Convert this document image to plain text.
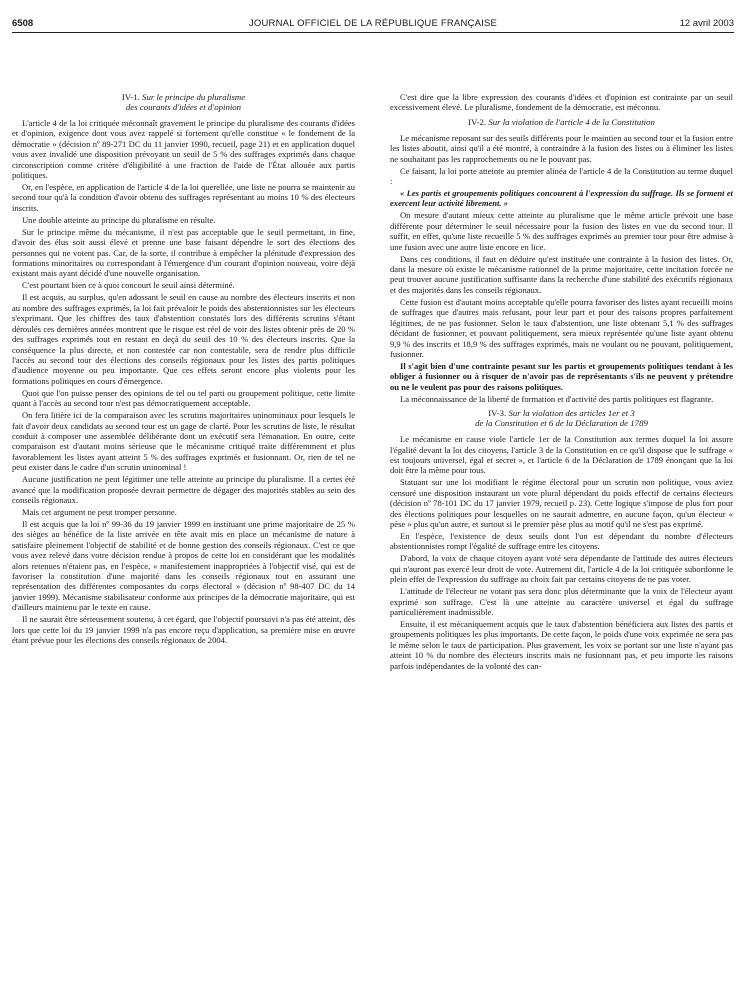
6508	JOURNAL OFFICIEL DE LA RÉPUBLIQUE FRANÇAISE	12 avril 2003
IV-1. Sur le principe du pluralisme
des courants d'idées et d'opinion

L'article 4 de la loi critiquée méconnaît gravement le principe du pluralisme des courants d'idées et d'opinion, exigence dont vous avez rappelé si fortement qu'elle constitue « le fondement de la démocratie » (décision nº 89-271 DC du 11 janvier 1990, recueil, page 21) et en application duquel vous avez invalidé une disposition prévoyant un seuil de 5 % des suffrages exprimés dans chaque circonscription comme critère d'éligibilité à une fraction de l'aide de l'État allouée aux partis politiques.

Or, en l'espèce, en application de l'article 4 de la loi querellée, une liste ne pourra se maintenir au second tour qu'à la condition d'avoir obtenu des suffrages représentant au moins 10 % des électeurs inscrits.

Une double atteinte au principe du pluralisme en résulte.

Sur le principe même du mécanisme, il n'est pas acceptable que le seuil permettant, in fine, d'avoir des élus soit aussi élevé et prenne une base faisant dépendre le sort des élections des personnes qui ne votent pas. Car, de la sorte, il contribue à empêcher la plénitude d'expression des formations minoritaires ou correspondant à l'émergence d'un courant d'opinion nouveau, voire déjà existant mais ayant décidé d'une nouvelle organisation.

C'est pourtant bien ce à quoi concourt le seuil ainsi déterminé.

Il est acquis, au surplus, qu'en adossant le seuil en cause au nombre des électeurs inscrits et non au nombre des suffrages exprimés, la loi fait prévaloir le poids des abstentionnistes sur les électeurs s'exprimant. Que les chiffres des taux d'abstention constatés lors des différents scrutins s'étant déroulés ces dernières années montrent que le risque est réel de voir des listes obtenir près de 20 % des suffrages exprimés tout en restant en deçà du seuil des 10 % des électeurs inscrits. Que la conséquence la plus directe, et non contestée car non contestable, sera de rendre plus difficile l'accès au second tour des élections des conseils régionaux pour les listes des partis politiques d'audience moyenne ou peu importante. Que ces effets seront encore plus violents pour les formations politiques en cours d'émergence.

Quoi que l'on puisse penser des opinions de tel ou tel parti ou groupement politique, cette limite quant à l'accès au second tour n'est pas démocratiquement acceptable.

On fera litière ici de la comparaison avec les scrutins majoritaires uninominaux pour lesquels le fait d'avoir deux candidats au second tour est un gage de clarté. Pour les scrutins de liste, le résultat conduit à composer une assemblée délibérante dont un exécutif sera l'émanation. En outre, cette comparaison est d'autant moins sérieuse que le mécanisme critiqué traite différemment et plus favorablement les listes ayant atteint 5 % des suffrages exprimés et fusionnant. Or, rien de tel ne peut exister dans le cadre d'un scrutin uninominal !

Aucune justification ne peut légitimer une telle atteinte au principe du pluralisme. Il a certes été avancé que la modification proposée devrait permettre de dégager des majorités stables au sein des conseils régionaux.

Mais cet argument ne peut tromper personne.

Il est acquis que la loi nº 99-36 du 19 janvier 1999 en instituant une prime majoritaire de 25 % des sièges au bénéfice de la liste arrivée en tête avait mis en place un mécanisme de nature à satisfaire pleinement l'objectif de stabilité et de bonne gestion des conseils régionaux. C'est ce que vous avez relevé dans votre décision rendue à propos de cette loi en considérant que les modalités alors retenues n'étaient pas, en l'espèce, « manifestement inappropriées à l'objectif visé, qui est de favoriser la constitution d'une majorité dans les conseils régionaux tout en assurant une représentation des différentes composantes du corps électoral » (décision nº 98-407 DC du 14 janvier 1999). Mécanisme stabilisateur conforme aux principes de la démocratie majoritaire, qui est d'ailleurs maintenu par le texte en cause.

Il ne saurait être sérieusement soutenu, à cet égard, que l'objectif poursuivi n'a pas été atteint, dès lors que cette loi du 19 janvier 1999 n'a pas encore reçu d'application, sa première mise en œuvre étant prévue pour les élections des conseils régionaux de 2004.

C'est dire que la libre expression des courants d'idées et d'opinion est contrainte par un seuil excessivement élevé. Le pluralisme, fondement de la démocratie, est méconnu.

IV-2. Sur la violation de l'article 4 de la Constitution

Le mécanisme reposant sur des seuils différents pour le maintien au second tour et la fusion entre les listes aboutit, ainsi qu'il a été montré, à contraindre à la fusion des listes ou à éliminer les listes ne souhaitant pas les rapprochements ou ne le pouvant pas.

Ce faisant, la loi porte atteinte au premier alinéa de l'article 4 de la Constitution au terme duquel :

« Les partis et groupements politiques concourent à l'expression du suffrage. Ils se forment et exercent leur activité librement. »

On mesure d'autant mieux cette atteinte au pluralisme que le même article prévoit une base différente pour déterminer le seuil nécessaire pour la fusion des listes en vue du second tour. Il suffit, en effet, qu'une liste recueille 5 % des suffrages exprimés au premier tour pour être admise à une fusion avec une autre liste encore en lice.

Dans ces conditions, il faut en déduire qu'est instituée une contrainte à la fusion des listes. Or, dans la mesure où existe le mécanisme rationnel de la prime majoritaire, cette incitation forcée ne peut trouver aucune justification suffisante dans la recherche d'une stabilité des exécutifs régionaux et des majorités dans les conseils régionaux.

Cette fusion est d'autant moins acceptable qu'elle pourra favoriser des listes ayant recueilli moins de suffrages que d'autres mais refusant, pour leur part et pour des raisons propres parfaitement légitimes, de ne pas fusionner. Selon le taux d'abstention, une liste obtenant 5,1 % des suffrages décidant de fusionner, et pouvant politiquement, sera mieux représentée qu'une liste ayant obtenu 9,9 % des inscrits et 18,9 % des suffrages exprimés, mais ne voulant ou ne pouvant, politiquement, fusionner.

Il s'agit bien d'une contrainte pesant sur les partis et groupements politiques tendant à les obliger à fusionner ou à risquer de n'avoir pas de représentants s'ils ne peuvent y prétendre ou ne le veulent pas pour des raisons politiques.

La méconnaissance de la liberté de formation et d'activité des partis politiques est flagrante.

IV-3. Sur la violation des articles 1er et 3
de la Constitution et 6 de la Déclaration de 1789

Le mécanisme en cause viole l'article 1er de la Constitution aux termes duquel la loi assure l'égalité devant la loi des citoyens, l'article 3 de la Constitution en ce qu'il dispose que le suffrage « est toujours universel, égal et secret », et l'article 6 de la Déclaration de 1789 énonçant que la loi doit être la même pour tous.

Statuant sur une loi modifiant le régime électoral pour un scrutin non politique, vous aviez censuré une disposition instaurant un vote plural dépendant du poids effectif de certains électeurs (décision nº 78-101 DC du 17 janvier 1979, recueil p. 23). Cette logique s'impose de plus fort pour des élections politiques pour lesquelles on ne saurait admettre, en aucune façon, qu'un électeur « pèse » plus qu'un autre, et surtout si le premier pèse plus au motif qu'il ne s'est pas exprimé.

En l'espèce, l'existence de deux seuils dont l'un est dépendant du nombre d'électeurs abstentionnistes rompt l'égalité de suffrage entre les citoyens.

D'abord, la voix de chaque citoyen ayant voté sera dépendante de l'attitude des autres électeurs qui n'auront pas exercé leur droit de vote. Autrement dit, l'article 4 de la loi critiquée subordonne le plein effet de l'expression du suffrage au choix fait par certains citoyens de ne pas voter.

L'attitude de l'électeur ne votant pas sera donc plus déterminante que la voix de l'électeur ayant exprimé son suffrage. C'est là une atteinte au caractère universel et égal du suffrage particulièrement inadmissible.

Ensuite, il est mécaniquement acquis que le taux d'abstention bénéficiera aux listes des partis et groupements politiques les plus importants. De cette façon, le poids d'une voix exprimée ne sera pas le même selon le taux de participation. Plus gravement, les voix se portant sur une liste n'ayant pas atteint 10 % du nombre des électeurs inscrits mais ne fusionnant pas, et peu importe les raisons parfois indépendantes de la volonté des can-
